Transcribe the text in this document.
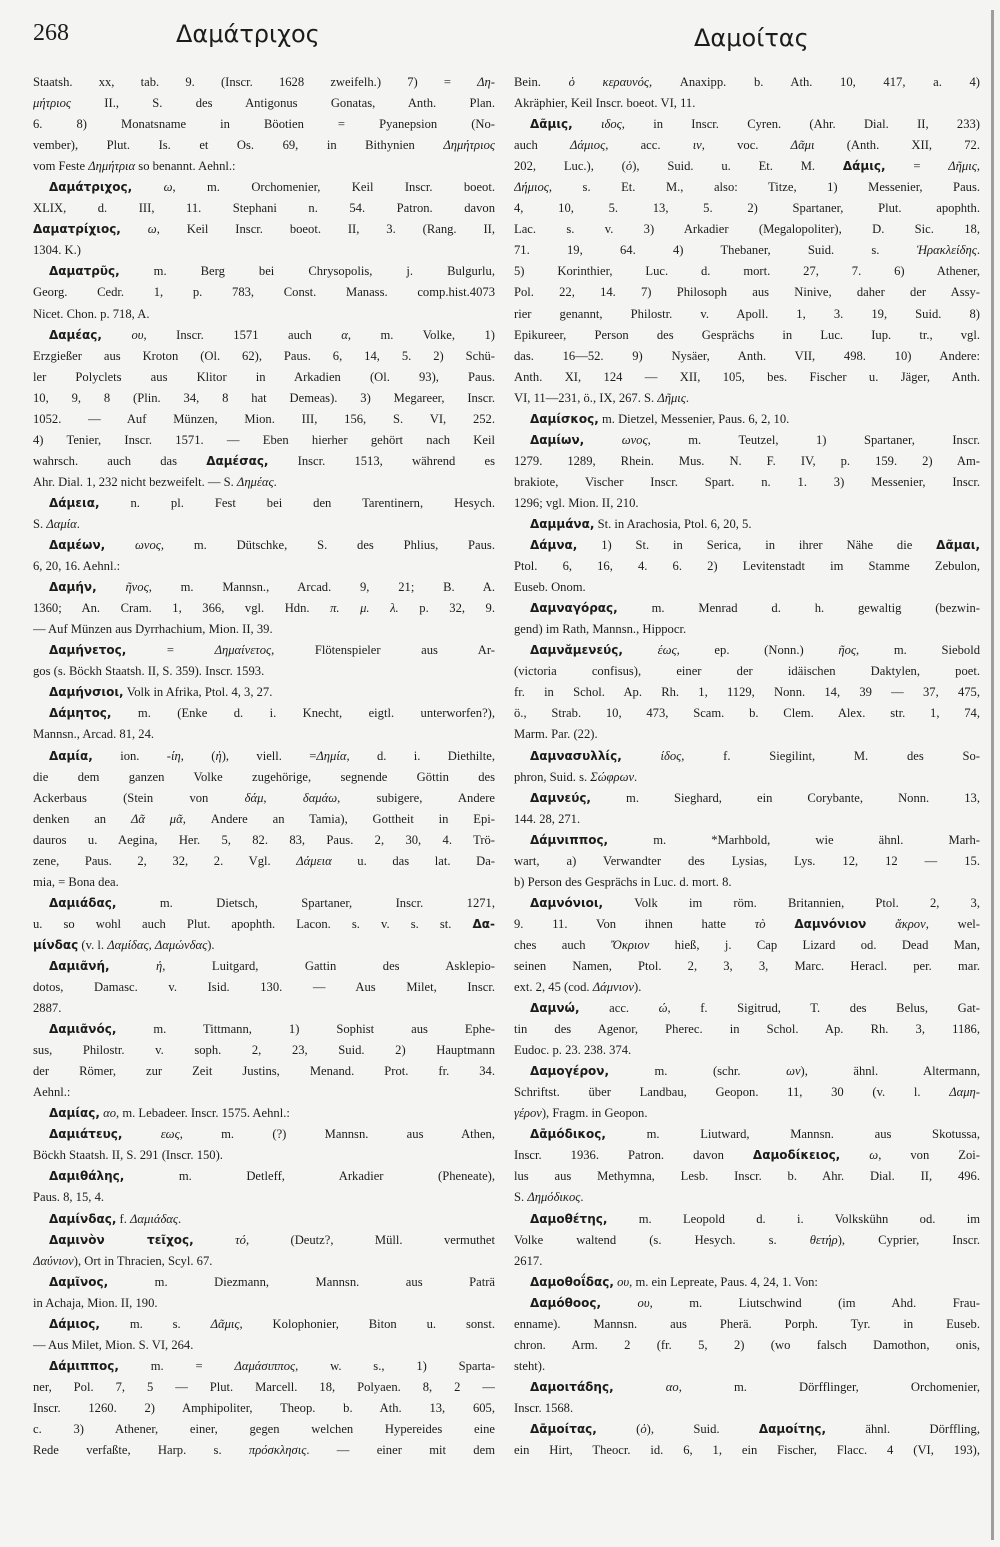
268	Δαμάτριχος	Δαμοίτας
Staatsh. xx, tab. 9. (Inscr. 1628 zweifelh.) 7) = Δη-
μήτριος II., S. des Antigonus Gonatas, Anth. Plan.
6. 8) Monatsname in Böotien = Pyanepsion (No-
vember), Plut. Is. et Os. 69, in Bithynien Δημήτριος
vom Feste Δημήτρια so benannt. Aehnl.:
Δαμάτριχος, ω, m. Orchomenier, Keil Inscr. boeot.
XLIX, d. III, 11. Stephani n. 54. Patron. davon
Δαματρίχιος, ω, Keil Inscr. boeot. II, 3. (Rang. II,
1304. K.)
Δαματρῦς, m. Berg bei Chrysopolis, j. Bulgurlu,
Georg. Cedr. 1, p. 783, Const. Manass. comp.hist.4073
Nicet. Chon. p. 718, A.
Δαμέας, ου, Inscr. 1571 auch α, m. Volke, 1)
Erzgießer aus Kroton (Ol. 62), Paus. 6, 14, 5. 2) Schü-
ler Polyclets aus Klitor in Arkadien (Ol. 93), Paus.
10, 9, 8 (Plin. 34, 8 hat Demeas). 3) Megareer, Inscr.
1052. — Auf Münzen, Mion. III, 156, S. VI, 252.
4) Tenier, Inscr. 1571. — Eben hierher gehört nach Keil
wahrsch. auch das Δαμέσας, Inscr. 1513, während es
Ahr. Dial. 1, 232 nicht bezweifelt. — S. Δημέας.
Δάμεια, n. pl. Fest bei den Tarentinern, Hesych.
S. Δαμία.
Δαμέων, ωνος, m. Dütschke, S. des Phlius, Paus.
6, 20, 16. Aehnl.:
Δαμήν, ῆνος, m. Mannsn., Arcad. 9, 21; B. A.
1360; An. Cram. 1, 366, vgl. Hdn. π. μ. λ. p. 32, 9.
— Auf Münzen aus Dyrrhachium, Mion. II, 39.
Δαμήνετος, = Δημαίνετος, Flötenspieler aus Ar-
gos (s. Böckh Staatsh. II, S. 359). Inscr. 1593.
Δαμήνσιοι, Volk in Afrika, Ptol. 4, 3, 27.
Δάμητος, m. (Enke d. i. Knecht, eigtl. unterworfen?),
Mannsn., Arcad. 81, 24.
Δαμία, ion. -ίη, (ἡ), viell. =Δημία, d. i. Diethilte,
die dem ganzen Volke zugehörige, segnende Göttin des
Ackerbaus (Stein von δάμ, δαμάω, subigere, Andere
denken an Δᾶ μᾶ, Andere an Tamia), Gottheit in Epi-
dauros u. Aegina, Her. 5, 82. 83, Paus. 2, 30, 4. Trö-
zene, Paus. 2, 32, 2. Vgl. Δάμεια u. das lat. Da-
mia, = Bona dea.
Δαμιάδας, m. Dietsch, Spartaner, Inscr. 1271,
u. so wohl auch Plut. apophth. Lacon. s. v. s. st. Δα-
μίνδας (v. l. Δαμίδας, Δαμώνδας).
Δαμιᾶνή,	ἡ, Luitgard, Gattin des Asklepio-
dotos, Damasc. v. Isid. 130. — Aus Milet, Inscr.
2887.
Δαμιᾶνός, m. Tittmann, 1) Sophist aus Ephe-
sus, Philostr. v. soph. 2, 23, Suid. 2) Hauptmann
der Römer, zur Zeit Justins, Menand. Prot. fr. 34.
Aehnl.:
Δαμίας, αο, m. Lebadeer. Inscr. 1575. Aehnl.:
Δαμιάτευς,	εως, m. (?) Mannsn. aus Athen,
Böckh Staatsh. II, S. 291 (Inscr. 150).
Δαμιθάλης, m. Detleff, Arkadier (Pheneate),
Paus. 8, 15, 4.
Δαμίνδας, f. Δαμιάδας.
Δαμινὸν τεῖχος,	τό, (Deutz?, Müll. vermuthet
Δαύνιον), Ort in Thracien, Scyl. 67.
Δαμῖνος, m. Diezmann, Mannsn. aus Paträ
in Achaja, Mion. II, 190.
Δάμιος, m. s. Δᾶμις, Kolophonier, Biton u. sonst.
— Aus Milet, Mion. S. VI, 264.
Δάμιππος, m. = Δαμάσιππος, w. s., 1) Sparta-
ner, Pol. 7, 5 — Plut. Marcell. 18, Polyaen. 8, 2 —
Inscr. 1260. 2) Amphipoliter, Theop. b. Ath. 13, 605,
c. 3) Athener, einer, gegen welchen Hypereides eine
Rede verfaßte, Harp. s. πρόσκλησις. — einer mit dem
Bein. ὁ κεραυνός, Anaxipp. b. Ath. 10, 417, a. 4)
Akräphier, Keil Inscr. boeot. VI, 11.
Δᾶμις, ιδος, in Inscr. Cyren. (Ahr. Dial. II, 233)
auch Δάμιος, acc. ιν, voc. Δᾶμι (Anth. XII, 72.
202, Luc.), (ὁ), Suid. u. Et. M. Δάμις, = Δῆμις,
Δήμιος, s. Et. M., also: Titze, 1) Messenier, Paus.
4, 10, 5. 13, 5. 2) Spartaner, Plut. apophth.
Lac. s. v. 3) Arkadier (Megalopoliter), D. Sic. 18,
71. 19, 64. 4) Thebaner, Suid. s. Ἡρακλείδης.
5) Korinthier, Luc. d. mort. 27, 7. 6) Athener,
Pol. 22, 14. 7) Philosoph aus Ninive, daher der Assy-
rier genannt, Philostr. v. Apoll. 1, 3. 19, Suid. 8)
Epikureer, Person des Gesprächs in Luc. Iup. tr., vgl.
das. 16—52. 9) Nysäer, Anth. VII, 498. 10) Andere:
Anth. XI, 124 — XII, 105, bes. Fischer u. Jäger, Anth.
VI, 11—231, ö., IX, 267. S. Δῆμις.
Δαμίσκος, m. Dietzel, Messenier, Paus. 6, 2, 10.
Δαμίων,	ωνος, m. Teutzel, 1) Spartaner, Inscr.
1279. 1289, Rhein. Mus. N. F. IV, p. 159. 2) Am-
brakiote, Vischer Inscr. Spart. n. 1. 3) Messenier, Inscr.
1296; vgl. Mion. II, 210.
Δαμμάνα, St. in Arachosia, Ptol. 6, 20, 5.
Δάμνα, 1) St. in Serica, in ihrer Nähe die Δᾶμαι,
Ptol. 6, 16, 4. 6. 2) Levitenstadt im Stamme Zebulon,
Euseb. Onom.
Δαμναγόρας, m. Menrad d. h. gewaltig (bezwin-
gend) im Rath, Mannsn., Hippocr.
Δαμνᾰμενεύς,	έως, ep. (Nonn.) ῆος, m. Siebold
(victoria confisus), einer der idäischen Daktylen, poet.
fr. in Schol. Ap. Rh. 1, 1129, Nonn. 14, 39 — 37, 475,
ö., Strab. 10, 473, Scam. b. Clem. Alex. str. 1, 74,
Marm. Par. (22).
Δαμνασυλλίς,	ίδος, f. Siegilint, M. des So-
phron, Suid. s. Σώφρων.
Δαμνεύς, m. Sieghard, ein Corybante, Nonn. 13,
144. 28, 271.
Δάμνιππος, m. *Marhbold, wie ähnl. Marh-
wart, a) Verwandter des Lysias, Lys. 12, 12 — 15.
b) Person des Gesprächs in Luc. d. mort. 8.
Δαμνόνιοι, Volk im röm. Britannien, Ptol. 2, 3,
9. 11. Von ihnen hatte τὸ Δαμνόνιον ἄκρον, wel-
ches auch Ὄκριον hieß, j. Cap Lizard od. Dead Man,
seinen Namen, Ptol. 2, 3, 3, Marc. Heracl. per. mar.
ext. 2, 45 (cod. Δάμνιον).
Δαμνώ, acc. ώ, f. Sigitrud, T. des Belus, Gat-
tin des Agenor, Pherec. in Schol. Ap. Rh. 3, 1186,
Eudoc. p. 23. 238. 374.
Δαμογέρον, m. (schr. ων), ähnl. Altermann,
Schriftst. über Landbau, Geopon. 11, 30 (v. l. Δαμη-
γέρον), Fragm. in Geopon.
Δᾱμόδικος, m. Liutward, Mannsn. aus Skotussa,
Inscr. 1936. Patron. davon Δαμοδίκειος, ω, von Zoi-
lus aus Methymna, Lesb. Inscr. b. Ahr. Dial. II, 496.
S. Δημόδικος.
Δαμοθέτης, m. Leopold d. i. Volkskühn od. im
Volke waltend (s. Hesych. s. θετήρ), Cyprier, Inscr.
2617.
Δαμοθοΐδας, ου, m. ein Lepreate, Paus. 4, 24, 1. Von:
Δαμόθοος,	ου, m. Liutschwind (im Ahd. Frau-
enname). Mannsn. aus Pherä. Porph. Tyr. in Euseb.
chron. Arm. 2 (fr. 5, 2) (wo falsch Damothon, onis,
steht).
Δαμοιτάδης,	αο, m. Dörfflinger, Orchomenier,
Inscr. 1568.
Δᾱμοίτας, (ὁ), Suid. Δαμοίτης, ähnl. Dörffling,
ein Hirt, Theocr. id. 6, 1, ein Fischer, Flacc. 4 (VI, 193),
